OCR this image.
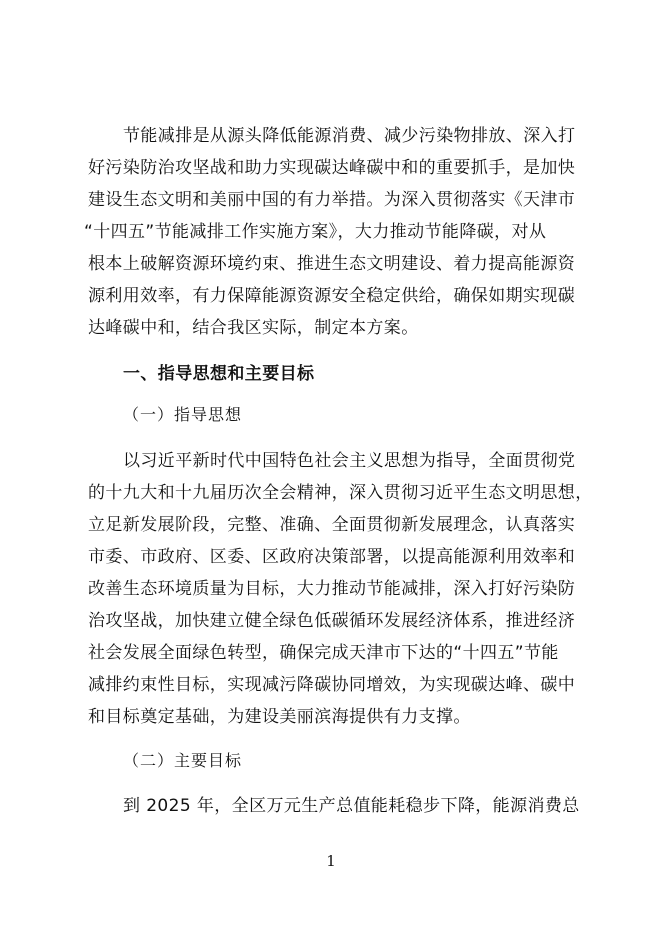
节能减排是从源头降低能源消费、减少污染物排放、深入打
好污染防治攻坚战和助力实现碳达峰碳中和的重要抓手，是加快
建设生态文明和美丽中国的有力举措。为深入贯彻落实《天津市
“十四五”节能减排工作实施方案》，大力推动节能降碳，对从
根本上破解资源环境约束、推进生态文明建设、着力提高能源资
源利用效率，有力保障能源资源安全稳定供给，确保如期实现碳
达峰碳中和，结合我区实际，制定本方案。
一、指导思想和主要目标
（一）指导思想
以习近平新时代中国特色社会主义思想为指导，全面贯彻党
的十九大和十九届历次全会精神，深入贯彻习近平生态文明思想，
立足新发展阶段，完整、准确、全面贯彻新发展理念，认真落实
市委、市政府、区委、区政府决策部署，以提高能源利用效率和
改善生态环境质量为目标，大力推动节能减排，深入打好污染防
治攻坚战，加快建立健全绿色低碳循环发展经济体系，推进经济
社会发展全面绿色转型，确保完成天津市下达的“十四五”节能
减排约束性目标，实现减污降碳协同增效，为实现碳达峰、碳中
和目标奠定基础，为建设美丽滨海提供有力支撑。
（二）主要目标
到 2025 年，全区万元生产总值能耗稳步下降，能源消费总
1
